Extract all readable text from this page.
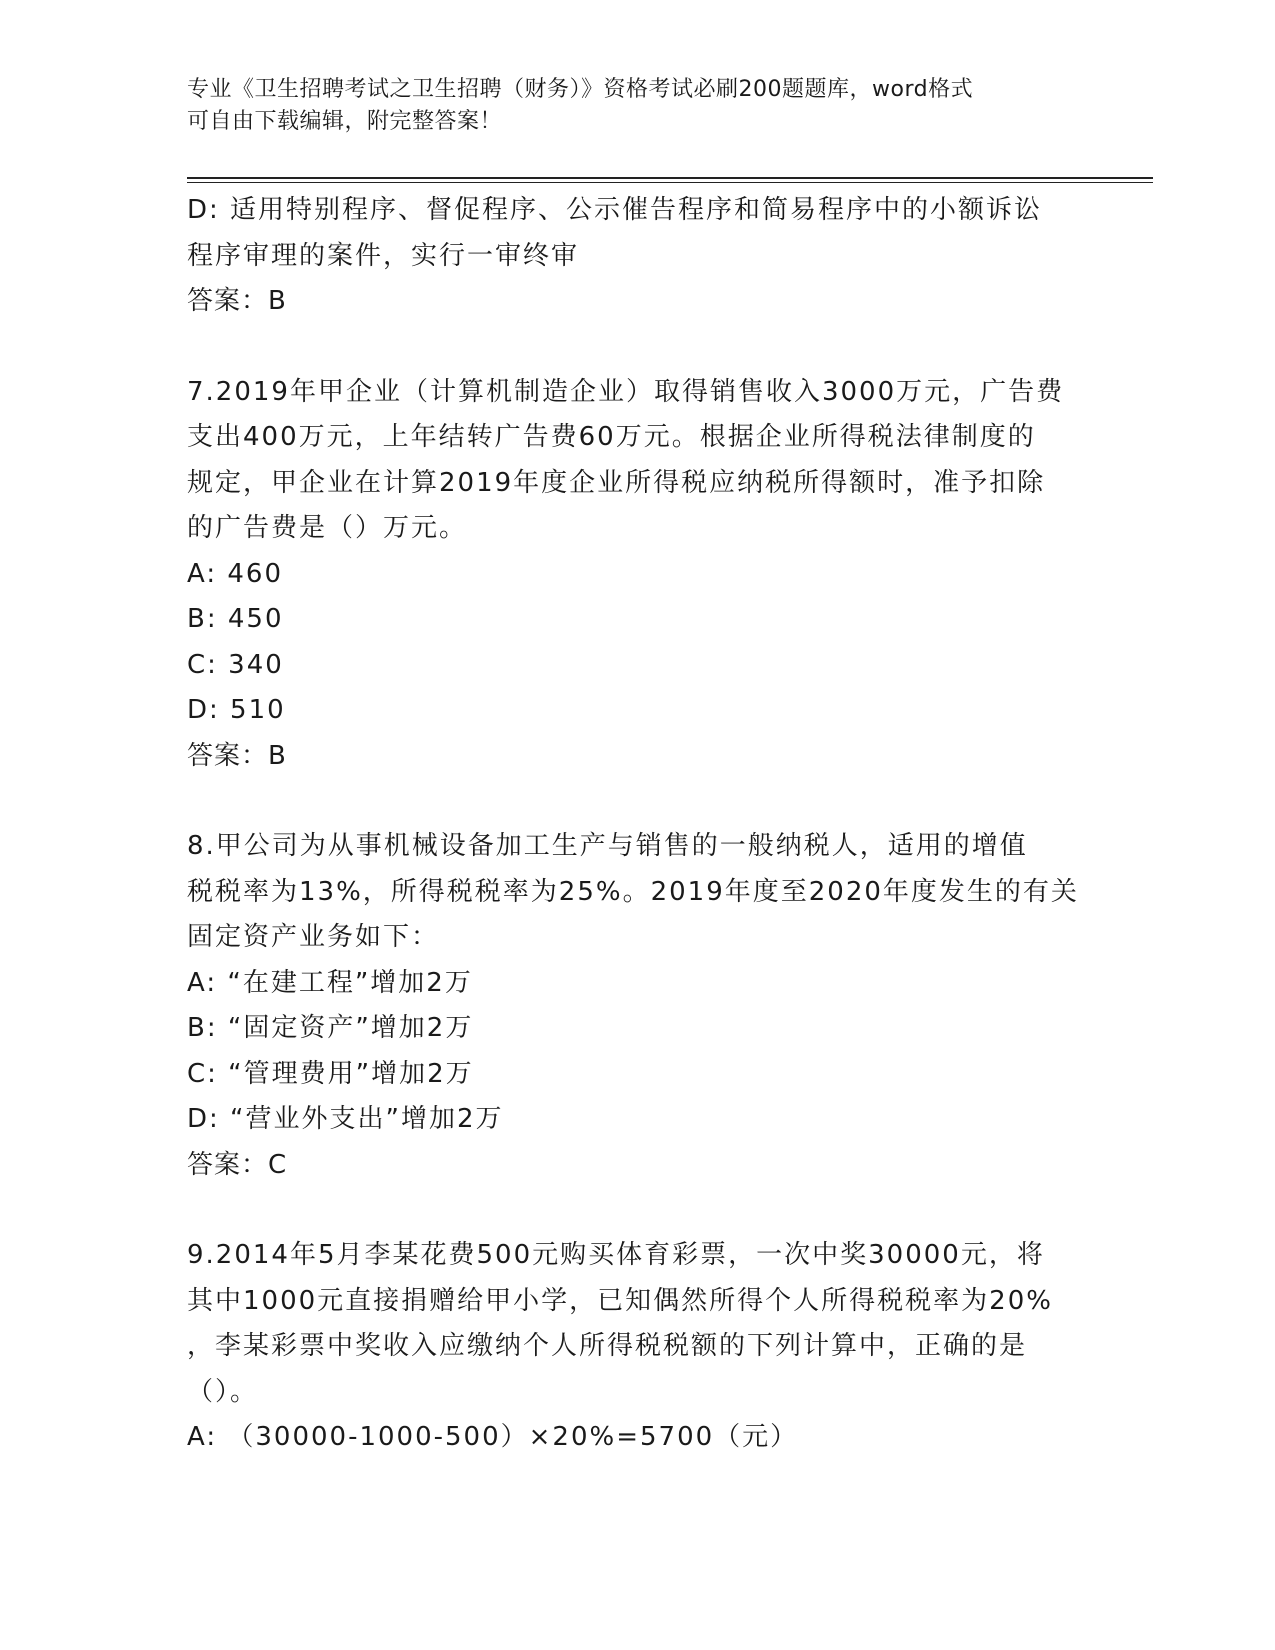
专业《卫生招聘考试之卫生招聘（财务）》资格考试必刷200题题库，word格式
可自由下载编辑，附完整答案！
D: 适用特别程序、督促程序、公示催告程序和简易程序中的小额诉讼
程序审理的案件，实行一审终审
答案：B
7.2019年甲企业（计算机制造企业）取得销售收入3000万元，广告费
支出400万元，上年结转广告费60万元。根据企业所得税法律制度的
规定，甲企业在计算2019年度企业所得税应纳税所得额时，准予扣除
的广告费是（）万元。
A: 460
B: 450
C: 340
D: 510
答案：B
8.甲公司为从事机械设备加工生产与销售的一般纳税人，适用的增值
税税率为13%，所得税税率为25%。2019年度至2020年度发生的有关
固定资产业务如下：
A: “在建工程”增加2万
B: “固定资产”增加2万
C: “管理费用”增加2万
D: “营业外支出”增加2万
答案：C
9.2014年5月李某花费500元购买体育彩票，一次中奖30000元，将
其中1000元直接捐赠给甲小学，已知偶然所得个人所得税税率为20%
，李某彩票中奖收入应缴纳个人所得税税额的下列计算中，正确的是
（）。
A: （30000-1000-500）×20%=5700（元）
